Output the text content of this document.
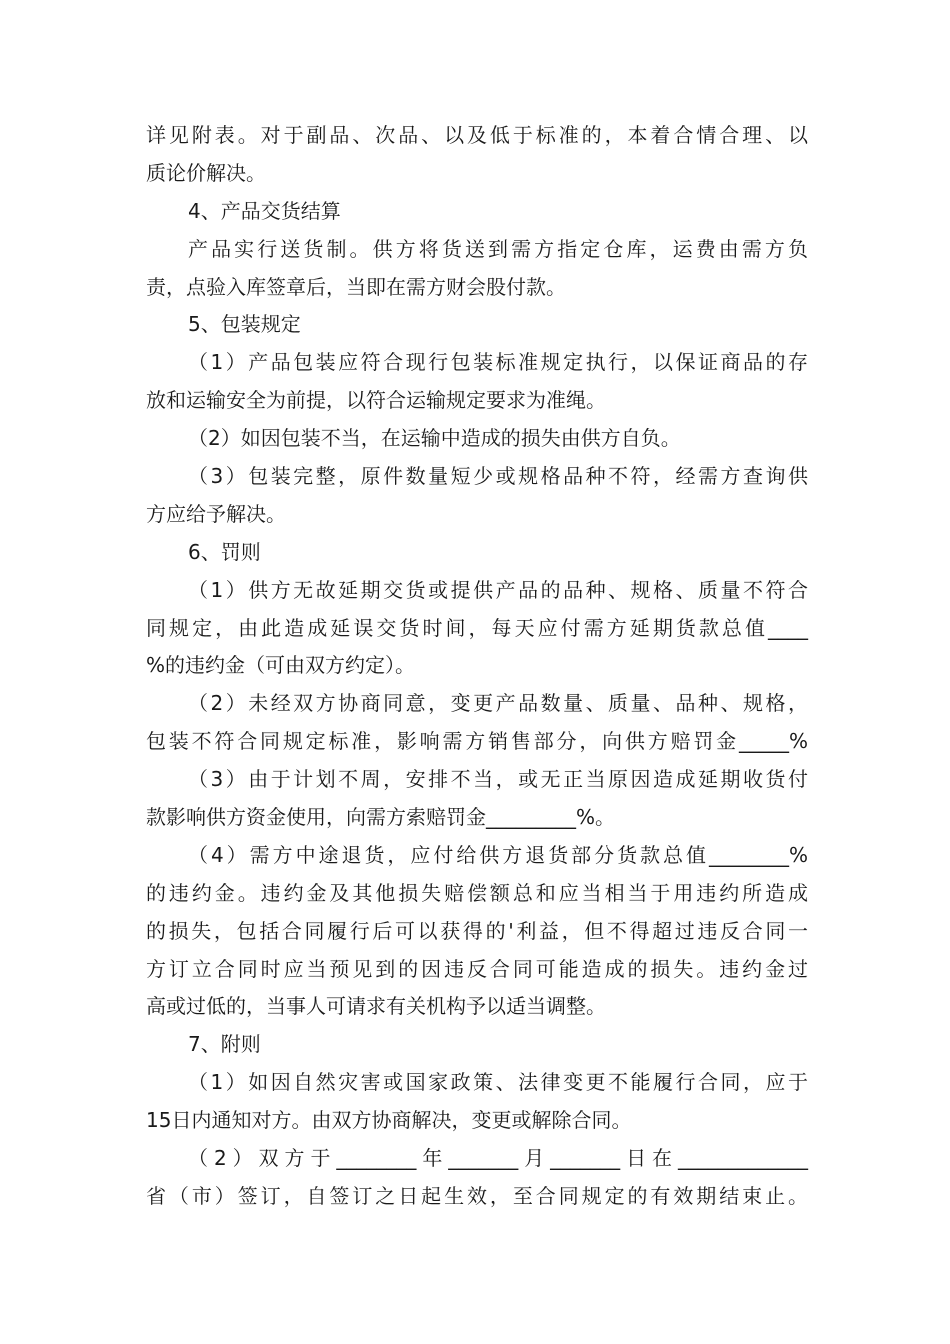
详见附表。对于副品、次品、以及低于标准的，本着合情合理、以
质论价解决。
4、产品交货结算
产品实行送货制。供方将货送到需方指定仓库，运费由需方负
责，点验入库签章后，当即在需方财会股付款。
5、包装规定
（1）产品包装应符合现行包装标准规定执行，以保证商品的存
放和运输安全为前提，以符合运输规定要求为准绳。
（2）如因包装不当，在运输中造成的损失由供方自负。
（3）包装完整，原件数量短少或规格品种不符，经需方查询供
方应给予解决。
6、罚则
（1）供方无故延期交货或提供产品的品种、规格、质量不符合
同规定，由此造成延误交货时间，每天应付需方延期货款总值____
%的违约金（可由双方约定）。
（2）未经双方协商同意，变更产品数量、质量、品种、规格，
包装不符合同规定标准，影响需方销售部分，向供方赔罚金_____%
（3）由于计划不周，安排不当，或无正当原因造成延期收货付
款影响供方资金使用，向需方索赔罚金_________%。
（4）需方中途退货，应付给供方退货部分货款总值________%
的违约金。违约金及其他损失赔偿额总和应当相当于用违约所造成
的损失，包括合同履行后可以获得的'利益，但不得超过违反合同一
方订立合同时应当预见到的因违反合同可能造成的损失。违约金过
高或过低的，当事人可请求有关机构予以适当调整。
7、附则
（1）如因自然灾害或国家政策、法律变更不能履行合同，应于
15日内通知对方。由双方协商解决，变更或解除合同。
（2）双方于________年_______月_______日在_____________
省（市）签订，自签订之日起生效，至合同规定的有效期结束止。
